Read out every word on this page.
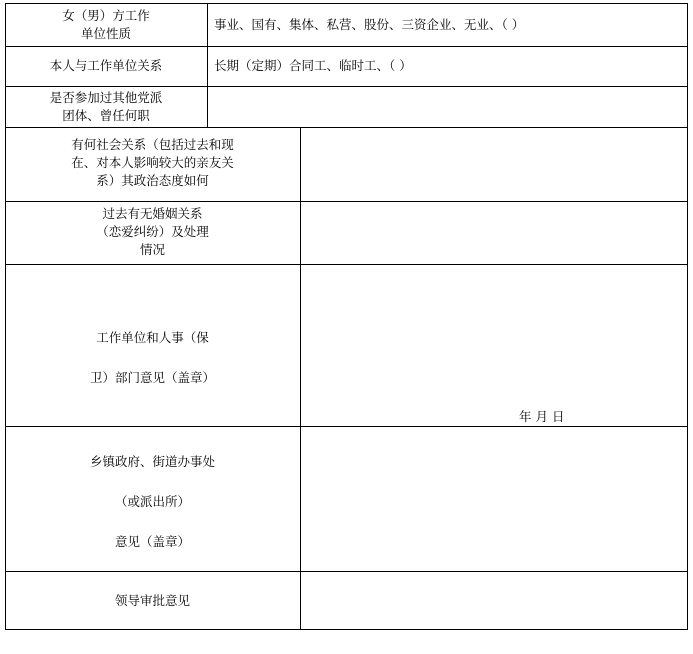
女（男）方工作
单位性质
事业、国有、集体、私营、股份、三资企业、无业、（ ）
本人与工作单位关系	长期（定期）合同工、临时工、（ ）
是否参加过其他党派
团体、曾任何职
有何社会关系（包括过去和现
在、对本人影响较大的亲友关
系）其政治态度如何
过去有无婚姻关系
（恋爱纠纷）及处理
情况
工作单位和人事（保
卫）部门意见（盖章）
年 月 日
乡镇政府、街道办事处
（或派出所）
意见（盖章）
领导审批意见
